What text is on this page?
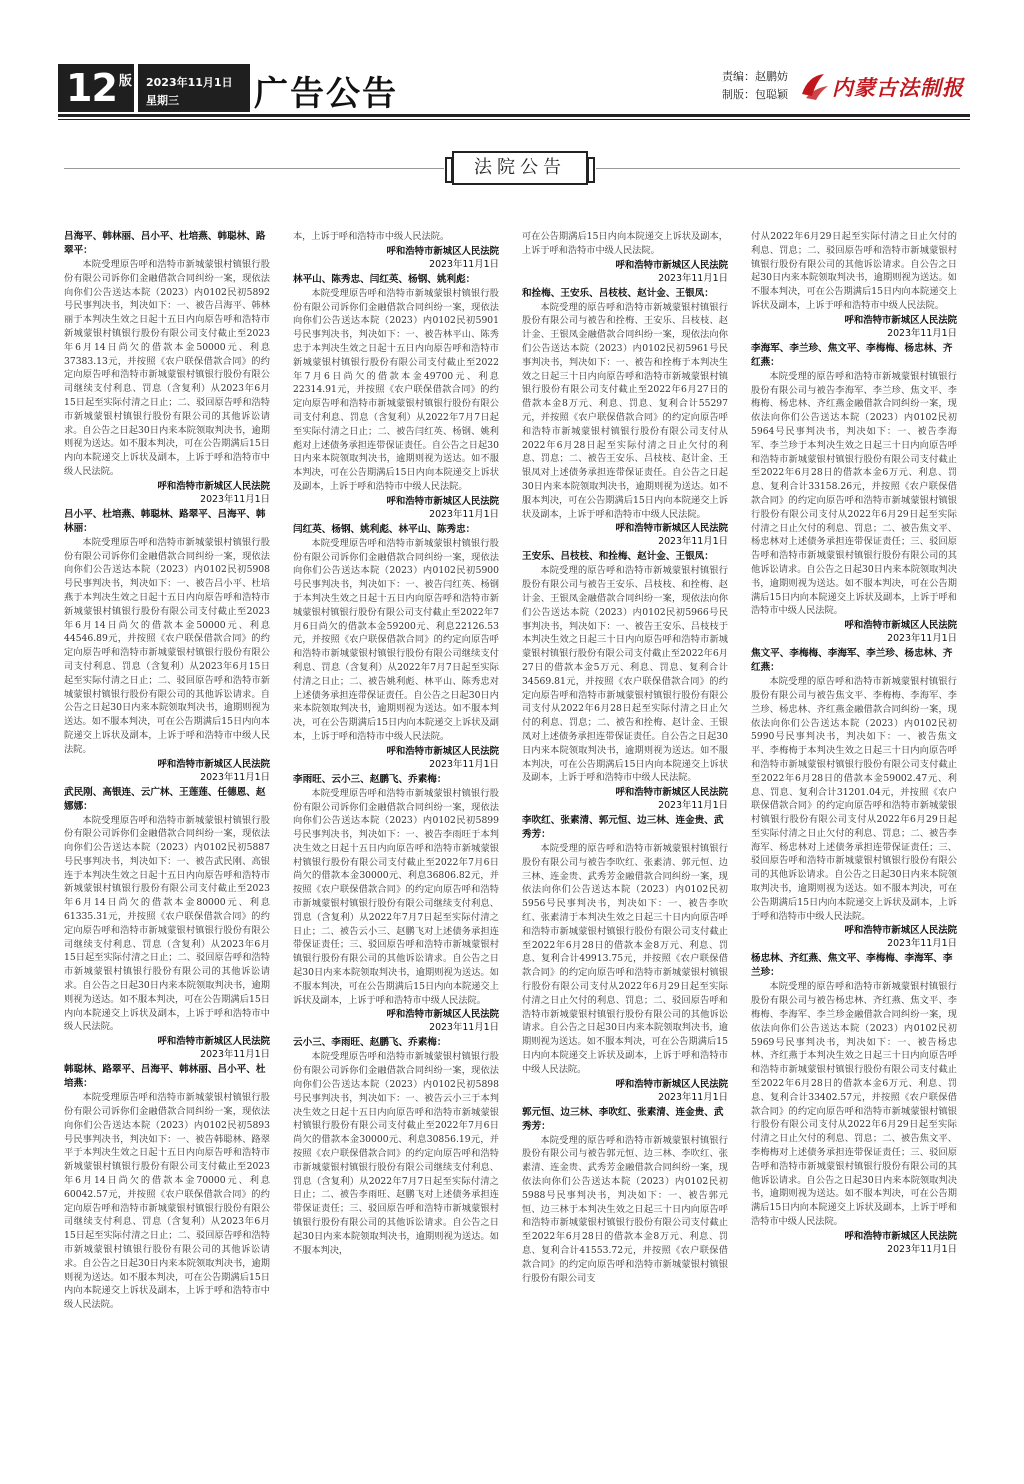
12 $^版$ 2023年11月1日
星期三 广告公告	责编：赵鹏妨
制版：包聪颖 内蒙古法制报
法院公告

吕海平、韩林丽、吕小平、杜培燕、韩聪林、路翠平：

本院受理原告呼和浩特市新城蒙银村镇银行股份有限公司诉你们金融借款合同纠纷一案，现依法向你们公告送达本院（2023）内0102民初5892号民事判决书，判决如下：一、被告吕海平、韩林丽于本判决生效之日起十五日内向原告呼和浩特市新城蒙银村镇银行股份有限公司支付截止至2023年6月14日尚欠的借款本金50000元、利息37383.13元，并按照《农户联保借款合同》的约定向原告呼和浩特市新城蒙银村镇银行股份有限公司继续支付利息、罚息（含复利）从2023年6月15日起至实际付清之日止；二、驳回原告呼和浩特市新城蒙银村镇银行股份有限公司的其他诉讼请求。自公告之日起30日内来本院领取判决书，逾期则视为送达。如不服本判决，可在公告期满后15日内向本院递交上诉状及副本，上诉于呼和浩特市中级人民法院。

呼和浩特市新城区人民法院

2023年11月1日

吕小平、杜培燕、韩聪林、路翠平、吕海平、韩林丽：

本院受理原告呼和浩特市新城蒙银村镇银行股份有限公司诉你们金融借款合同纠纷一案，现依法向你们公告送达本院（2023）内0102民初5908号民事判决书，判决如下：一、被告吕小平、杜培燕于本判决生效之日起十五日内向原告呼和浩特市新城蒙银村镇银行股份有限公司支付截止至2023年6月14日尚欠的借款本金50000元、利息44546.89元，并按照《农户联保借款合同》的约定向原告呼和浩特市新城蒙银村镇银行股份有限公司支付利息、罚息（含复利）从2023年6月15日起至实际付清之日止；二、驳回原告呼和浩特市新城蒙银村镇银行股份有限公司的其他诉讼请求。自公告之日起30日内来本院领取判决书，逾期则视为送达。如不服本判决，可在公告期满后15日内向本院递交上诉状及副本，上诉于呼和浩特市中级人民法院。

呼和浩特市新城区人民法院

2023年11月1日

武民刚、高银连、云广林、王莲莲、任德恩、赵娜娜：

本院受理原告呼和浩特市新城蒙银村镇银行股份有限公司诉你们金融借款合同纠纷一案，现依法向你们公告送达本院（2023）内0102民初5887号民事判决书，判决如下：一、被告武民刚、高银连于本判决生效之日起十五日内向原告呼和浩特市新城蒙银村镇银行股份有限公司支付截止至2023年6月14日尚欠的借款本金80000元、利息61335.31元，并按照《农户联保借款合同》的约定向原告呼和浩特市新城蒙银村镇银行股份有限公司继续支付利息、罚息（含复利）从2023年6月15日起至实际付清之日止；二、驳回原告呼和浩特市新城蒙银村镇银行股份有限公司的其他诉讼请求。自公告之日起30日内来本院领取判决书，逾期则视为送达。如不服本判决，可在公告期满后15日内向本院递交上诉状及副本，上诉于呼和浩特市中级人民法院。

呼和浩特市新城区人民法院

2023年11月1日

韩聪林、路翠平、吕海平、韩林丽、吕小平、杜培燕：

本院受理原告呼和浩特市新城蒙银村镇银行股份有限公司诉你们金融借款合同纠纷一案，现依法向你们公告送达本院（2023）内0102民初5893号民事判决书，判决如下：一、被告韩聪林、路翠平于本判决生效之日起十五日内向原告呼和浩特市新城蒙银村镇银行股份有限公司支付截止至2023年6月14日尚欠的借款本金70000元、利息60042.57元，并按照《农户联保借款合同》的约定向原告呼和浩特市新城蒙银村镇银行股份有限公司继续支付利息、罚息（含复利）从2023年6月15日起至实际付清之日止；二、驳回原告呼和浩特市新城蒙银村镇银行股份有限公司的其他诉讼请求。自公告之日起30日内来本院领取判决书，逾期则视为送达。如不服本判决，可在公告期满后15日内向本院递交上诉状及副本，上诉于呼和浩特市中级人民法院。

本，上诉于呼和浩特市中级人民法院。

呼和浩特市新城区人民法院

2023年11月1日

林平山、陈秀忠、闫红英、杨钢、姚利彪：

本院受理原告呼和浩特市新城蒙银村镇银行股份有限公司诉你们金融借款合同纠纷一案，现依法向你们公告送达本院（2023）内0102民初5901号民事判决书，判决如下：一、被告林平山、陈秀忠于本判决生效之日起十五日内向原告呼和浩特市新城蒙银村镇银行股份有限公司支付截止至2022年7月6日尚欠的借款本金49700元、利息22314.91元，并按照《农户联保借款合同》的约定向原告呼和浩特市新城蒙银村镇银行股份有限公司支付利息、罚息（含复利）从2022年7月7日起至实际付清之日止；二、被告闫红英、杨钢、姚利彪对上述债务承担连带保证责任。自公告之日起30日内来本院领取判决书，逾期则视为送达。如不服本判决，可在公告期满后15日内向本院递交上诉状及副本，上诉于呼和浩特市中级人民法院。

呼和浩特市新城区人民法院

2023年11月1日

闫红英、杨钢、姚利彪、林平山、陈秀忠：

本院受理原告呼和浩特市新城蒙银村镇银行股份有限公司诉你们金融借款合同纠纷一案，现依法向你们公告送达本院（2023）内0102民初5900号民事判决书，判决如下：一、被告闫红英、杨钢于本判决生效之日起十五日内向原告呼和浩特市新城蒙银村镇银行股份有限公司支付截止至2022年7月6日尚欠的借款本金59200元、利息22126.53元，并按照《农户联保借款合同》的约定向原告呼和浩特市新城蒙银村镇银行股份有限公司继续支付利息、罚息（含复利）从2022年7月7日起至实际付清之日止；二、被告姚利彪、林平山、陈秀忠对上述债务承担连带保证责任。自公告之日起30日内来本院领取判决书，逾期则视为送达。如不服本判决，可在公告期满后15日内向本院递交上诉状及副本，上诉于呼和浩特市中级人民法院。

呼和浩特市新城区人民法院

2023年11月1日

李雨旺、云小三、赵鹏飞、乔素梅：

本院受理原告呼和浩特市新城蒙银村镇银行股份有限公司诉你们金融借款合同纠纷一案，现依法向你们公告送达本院（2023）内0102民初5899号民事判决书，判决如下：一、被告李雨旺于本判决生效之日起十五日内向原告呼和浩特市新城蒙银村镇银行股份有限公司支付截止至2022年7月6日尚欠的借款本金30000元、利息36806.82元，并按照《农户联保借款合同》的约定向原告呼和浩特市新城蒙银村镇银行股份有限公司继续支付利息、罚息（含复利）从2022年7月7日起至实际付清之日止；二、被告云小三、赵鹏飞对上述债务承担连带保证责任；三、驳回原告呼和浩特市新城蒙银村镇银行股份有限公司的其他诉讼请求。自公告之日起30日内来本院领取判决书，逾期则视为送达。如不服本判决，可在公告期满后15日内向本院递交上诉状及副本，上诉于呼和浩特市中级人民法院。

呼和浩特市新城区人民法院

2023年11月1日

云小三、李雨旺、赵鹏飞、乔素梅：

本院受理原告呼和浩特市新城蒙银村镇银行股份有限公司诉你们金融借款合同纠纷一案，现依法向你们公告送达本院（2023）内0102民初5898号民事判决书，判决如下：一、被告云小三于本判决生效之日起十五日内向原告呼和浩特市新城蒙银村镇银行股份有限公司支付截止至2022年7月6日尚欠的借款本金30000元、利息30856.19元，并按照《农户联保借款合同》的约定向原告呼和浩特市新城蒙银村镇银行股份有限公司继续支付利息、罚息（含复利）从2022年7月7日起至实际付清之日止；二、被告李雨旺、赵鹏飞对上述债务承担连带保证责任；三、驳回原告呼和浩特市新城蒙银村镇银行股份有限公司的其他诉讼请求。自公告之日起30日内来本院领取判决书，逾期则视为送达。如不服本判决，

可在公告期满后15日内向本院递交上诉状及副本，上诉于呼和浩特市中级人民法院。

呼和浩特市新城区人民法院

2023年11月1日

和拴梅、王安乐、吕枝枝、赵计金、王银凤：

本院受理的原告呼和浩特市新城蒙银村镇银行股份有限公司与被告和拴梅、王安乐、吕枝枝、赵计金、王银凤金融借款合同纠纷一案，现依法向你们公告送达本院（2023）内0102民初5961号民事判决书，判决如下：一、被告和拴梅于本判决生效之日起三十日内向原告呼和浩特市新城蒙银村镇银行股份有限公司支付截止至2022年6月27日的借款本金8万元、利息、罚息、复利合计55297元，并按照《农户联保借款合同》的约定向原告呼和浩特市新城蒙银村镇银行股份有限公司支付从2022年6月28日起至实际付清之日止欠付的利息、罚息；二、被告王安乐、吕枝枝、赵计金、王银凤对上述债务承担连带保证责任。自公告之日起30日内来本院领取判决书，逾期则视为送达。如不服本判决，可在公告期满后15日内向本院递交上诉状及副本，上诉于呼和浩特市中级人民法院。

呼和浩特市新城区人民法院

2023年11月1日

王安乐、吕枝枝、和拴梅、赵计金、王银凤：

本院受理的原告呼和浩特市新城蒙银村镇银行股份有限公司与被告王安乐、吕枝枝、和拴梅、赵计金、王银凤金融借款合同纠纷一案，现依法向你们公告送达本院（2023）内0102民初5966号民事判决书，判决如下：一、被告王安乐、吕枝枝于本判决生效之日起三十日内向原告呼和浩特市新城蒙银村镇银行股份有限公司支付截止至2022年6月27日的借款本金5万元、利息、罚息、复利合计34569.81元，并按照《农户联保借款合同》的约定向原告呼和浩特市新城蒙银村镇银行股份有限公司支付从2022年6月28日起至实际付清之日止欠付的利息、罚息；二、被告和拴梅、赵计金、王银凤对上述债务承担连带保证责任。自公告之日起30日内来本院领取判决书，逾期则视为送达。如不服本判决，可在公告期满后15日内向本院递交上诉状及副本，上诉于呼和浩特市中级人民法院。

呼和浩特市新城区人民法院

2023年11月1日

李吹红、张素清、郭元恒、边三林、连金贵、武秀芳：

本院受理的原告呼和浩特市新城蒙银村镇银行股份有限公司与被告李吹红、张素清、郭元恒、边三林、连金贵、武秀芳金融借款合同纠纷一案，现依法向你们公告送达本院（2023）内0102民初5956号民事判决书，判决如下：一、被告李吹红、张素清于本判决生效之日起三十日内向原告呼和浩特市新城蒙银村镇银行股份有限公司支付截止至2022年6月28日的借款本金8万元、利息、罚息、复利合计49913.75元，并按照《农户联保借款合同》的约定向原告呼和浩特市新城蒙银村镇银行股份有限公司支付从2022年6月29日起至实际付清之日止欠付的利息、罚息；二、驳回原告呼和浩特市新城蒙银村镇银行股份有限公司的其他诉讼请求。自公告之日起30日内来本院领取判决书，逾期则视为送达。如不服本判决，可在公告期满后15日内向本院递交上诉状及副本，上诉于呼和浩特市中级人民法院。

呼和浩特市新城区人民法院

2023年11月1日

郭元恒、边三林、李吹红、张素清、连金贵、武秀芳：

本院受理的原告呼和浩特市新城蒙银村镇银行股份有限公司与被告郭元恒、边三林、李吹红、张素清、连金贵、武秀芳金融借款合同纠纷一案，现依法向你们公告送达本院（2023）内0102民初5988号民事判决书，判决如下：一、被告郭元恒、边三林于本判决生效之日起三十日内向原告呼和浩特市新城蒙银村镇银行股份有限公司支付截止至2022年6月28日的借款本金8万元、利息、罚息、复利合计41553.72元，并按照《农户联保借款合同》的约定向原告呼和浩特市新城蒙银村镇银行股份有限公司支

付从2022年6月29日起至实际付清之日止欠付的利息、罚息；二、驳回原告呼和浩特市新城蒙银村镇银行股份有限公司的其他诉讼请求。自公告之日起30日内来本院领取判决书，逾期则视为送达。如不服本判决，可在公告期满后15日内向本院递交上诉状及副本，上诉于呼和浩特市中级人民法院。

呼和浩特市新城区人民法院

2023年11月1日

李海军、李兰珍、焦文平、李梅梅、杨忠林、齐红燕：

本院受理的原告呼和浩特市新城蒙银村镇银行股份有限公司与被告李海军、李兰珍、焦文平、李梅梅、杨忠林、齐红燕金融借款合同纠纷一案，现依法向你们公告送达本院（2023）内0102民初5964号民事判决书，判决如下：一、被告李海军、李兰珍于本判决生效之日起三十日内向原告呼和浩特市新城蒙银村镇银行股份有限公司支付截止至2022年6月28日的借款本金6万元、利息、罚息、复利合计33158.26元，并按照《农户联保借款合同》的约定向原告呼和浩特市新城蒙银村镇银行股份有限公司支付从2022年6月29日起至实际付清之日止欠付的利息、罚息；二、被告焦文平、杨忠林对上述债务承担连带保证责任；三、驳回原告呼和浩特市新城蒙银村镇银行股份有限公司的其他诉讼请求。自公告之日起30日内来本院领取判决书，逾期则视为送达。如不服本判决，可在公告期满后15日内向本院递交上诉状及副本，上诉于呼和浩特市中级人民法院。

呼和浩特市新城区人民法院

2023年11月1日

焦文平、李梅梅、李海军、李兰珍、杨忠林、齐红燕：

本院受理的原告呼和浩特市新城蒙银村镇银行股份有限公司与被告焦文平、李梅梅、李海军、李兰珍、杨忠林、齐红燕金融借款合同纠纷一案，现依法向你们公告送达本院（2023）内0102民初5990号民事判决书，判决如下：一、被告焦文平、李梅梅于本判决生效之日起三十日内向原告呼和浩特市新城蒙银村镇银行股份有限公司支付截止至2022年6月28日的借款本金59002.47元、利息、罚息、复利合计31201.04元，并按照《农户联保借款合同》的约定向原告呼和浩特市新城蒙银村镇银行股份有限公司支付从2022年6月29日起至实际付清之日止欠付的利息、罚息；二、被告李海军、杨忠林对上述债务承担连带保证责任；三、驳回原告呼和浩特市新城蒙银村镇银行股份有限公司的其他诉讼请求。自公告之日起30日内来本院领取判决书，逾期则视为送达。如不服本判决，可在公告期满后15日内向本院递交上诉状及副本，上诉于呼和浩特市中级人民法院。

呼和浩特市新城区人民法院

2023年11月1日

杨忠林、齐红燕、焦文平、李梅梅、李海军、李兰珍：

本院受理的原告呼和浩特市新城蒙银村镇银行股份有限公司与被告杨忠林、齐红燕、焦文平、李梅梅、李海军、李兰珍金融借款合同纠纷一案，现依法向你们公告送达本院（2023）内0102民初5969号民事判决书，判决如下：一、被告杨忠林、齐红燕于本判决生效之日起三十日内向原告呼和浩特市新城蒙银村镇银行股份有限公司支付截止至2022年6月28日的借款本金6万元、利息、罚息、复利合计33402.57元，并按照《农户联保借款合同》的约定向原告呼和浩特市新城蒙银村镇银行股份有限公司支付从2022年6月29日起至实际付清之日止欠付的利息、罚息；二、被告焦文平、李梅梅对上述债务承担连带保证责任；三、驳回原告呼和浩特市新城蒙银村镇银行股份有限公司的其他诉讼请求。自公告之日起30日内来本院领取判决书，逾期则视为送达。如不服本判决，可在公告期满后15日内向本院递交上诉状及副本，上诉于呼和浩特市中级人民法院。

呼和浩特市新城区人民法院

2023年11月1日
